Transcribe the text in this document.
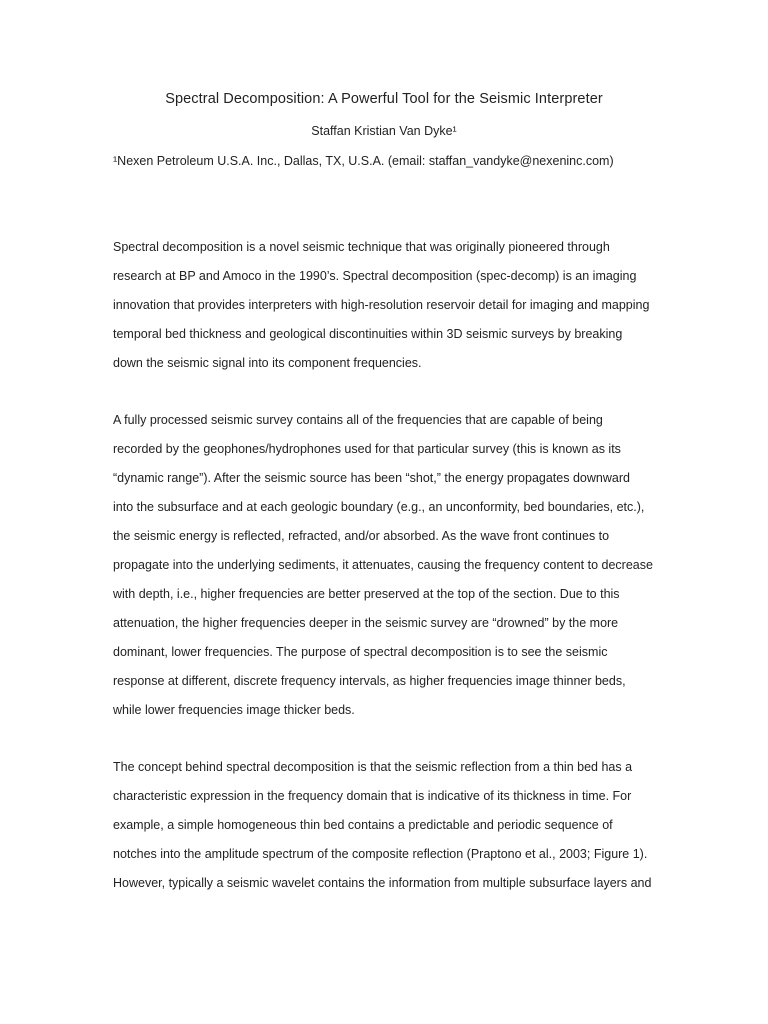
Spectral Decomposition: A Powerful Tool for the Seismic Interpreter
Staffan Kristian Van Dyke¹
¹Nexen Petroleum U.S.A. Inc., Dallas, TX, U.S.A. (email: staffan_vandyke@nexeninc.com)
Spectral decomposition is a novel seismic technique that was originally pioneered through
research at BP and Amoco in the 1990’s. Spectral decomposition (spec-decomp) is an imaging
innovation that provides interpreters with high-resolution reservoir detail for imaging and mapping
temporal bed thickness and geological discontinuities within 3D seismic surveys by breaking
down the seismic signal into its component frequencies.
A fully processed seismic survey contains all of the frequencies that are capable of being
recorded by the geophones/hydrophones used for that particular survey (this is known as its
“dynamic range”). After the seismic source has been “shot,” the energy propagates downward
into the subsurface and at each geologic boundary (e.g., an unconformity, bed boundaries, etc.),
the seismic energy is reflected, refracted, and/or absorbed. As the wave front continues to
propagate into the underlying sediments, it attenuates, causing the frequency content to decrease
with depth, i.e., higher frequencies are better preserved at the top of the section. Due to this
attenuation, the higher frequencies deeper in the seismic survey are “drowned” by the more
dominant, lower frequencies. The purpose of spectral decomposition is to see the seismic
response at different, discrete frequency intervals, as higher frequencies image thinner beds,
while lower frequencies image thicker beds.
The concept behind spectral decomposition is that the seismic reflection from a thin bed has a
characteristic expression in the frequency domain that is indicative of its thickness in time. For
example, a simple homogeneous thin bed contains a predictable and periodic sequence of
notches into the amplitude spectrum of the composite reflection (Praptono et al., 2003; Figure 1).
However, typically a seismic wavelet contains the information from multiple subsurface layers and
